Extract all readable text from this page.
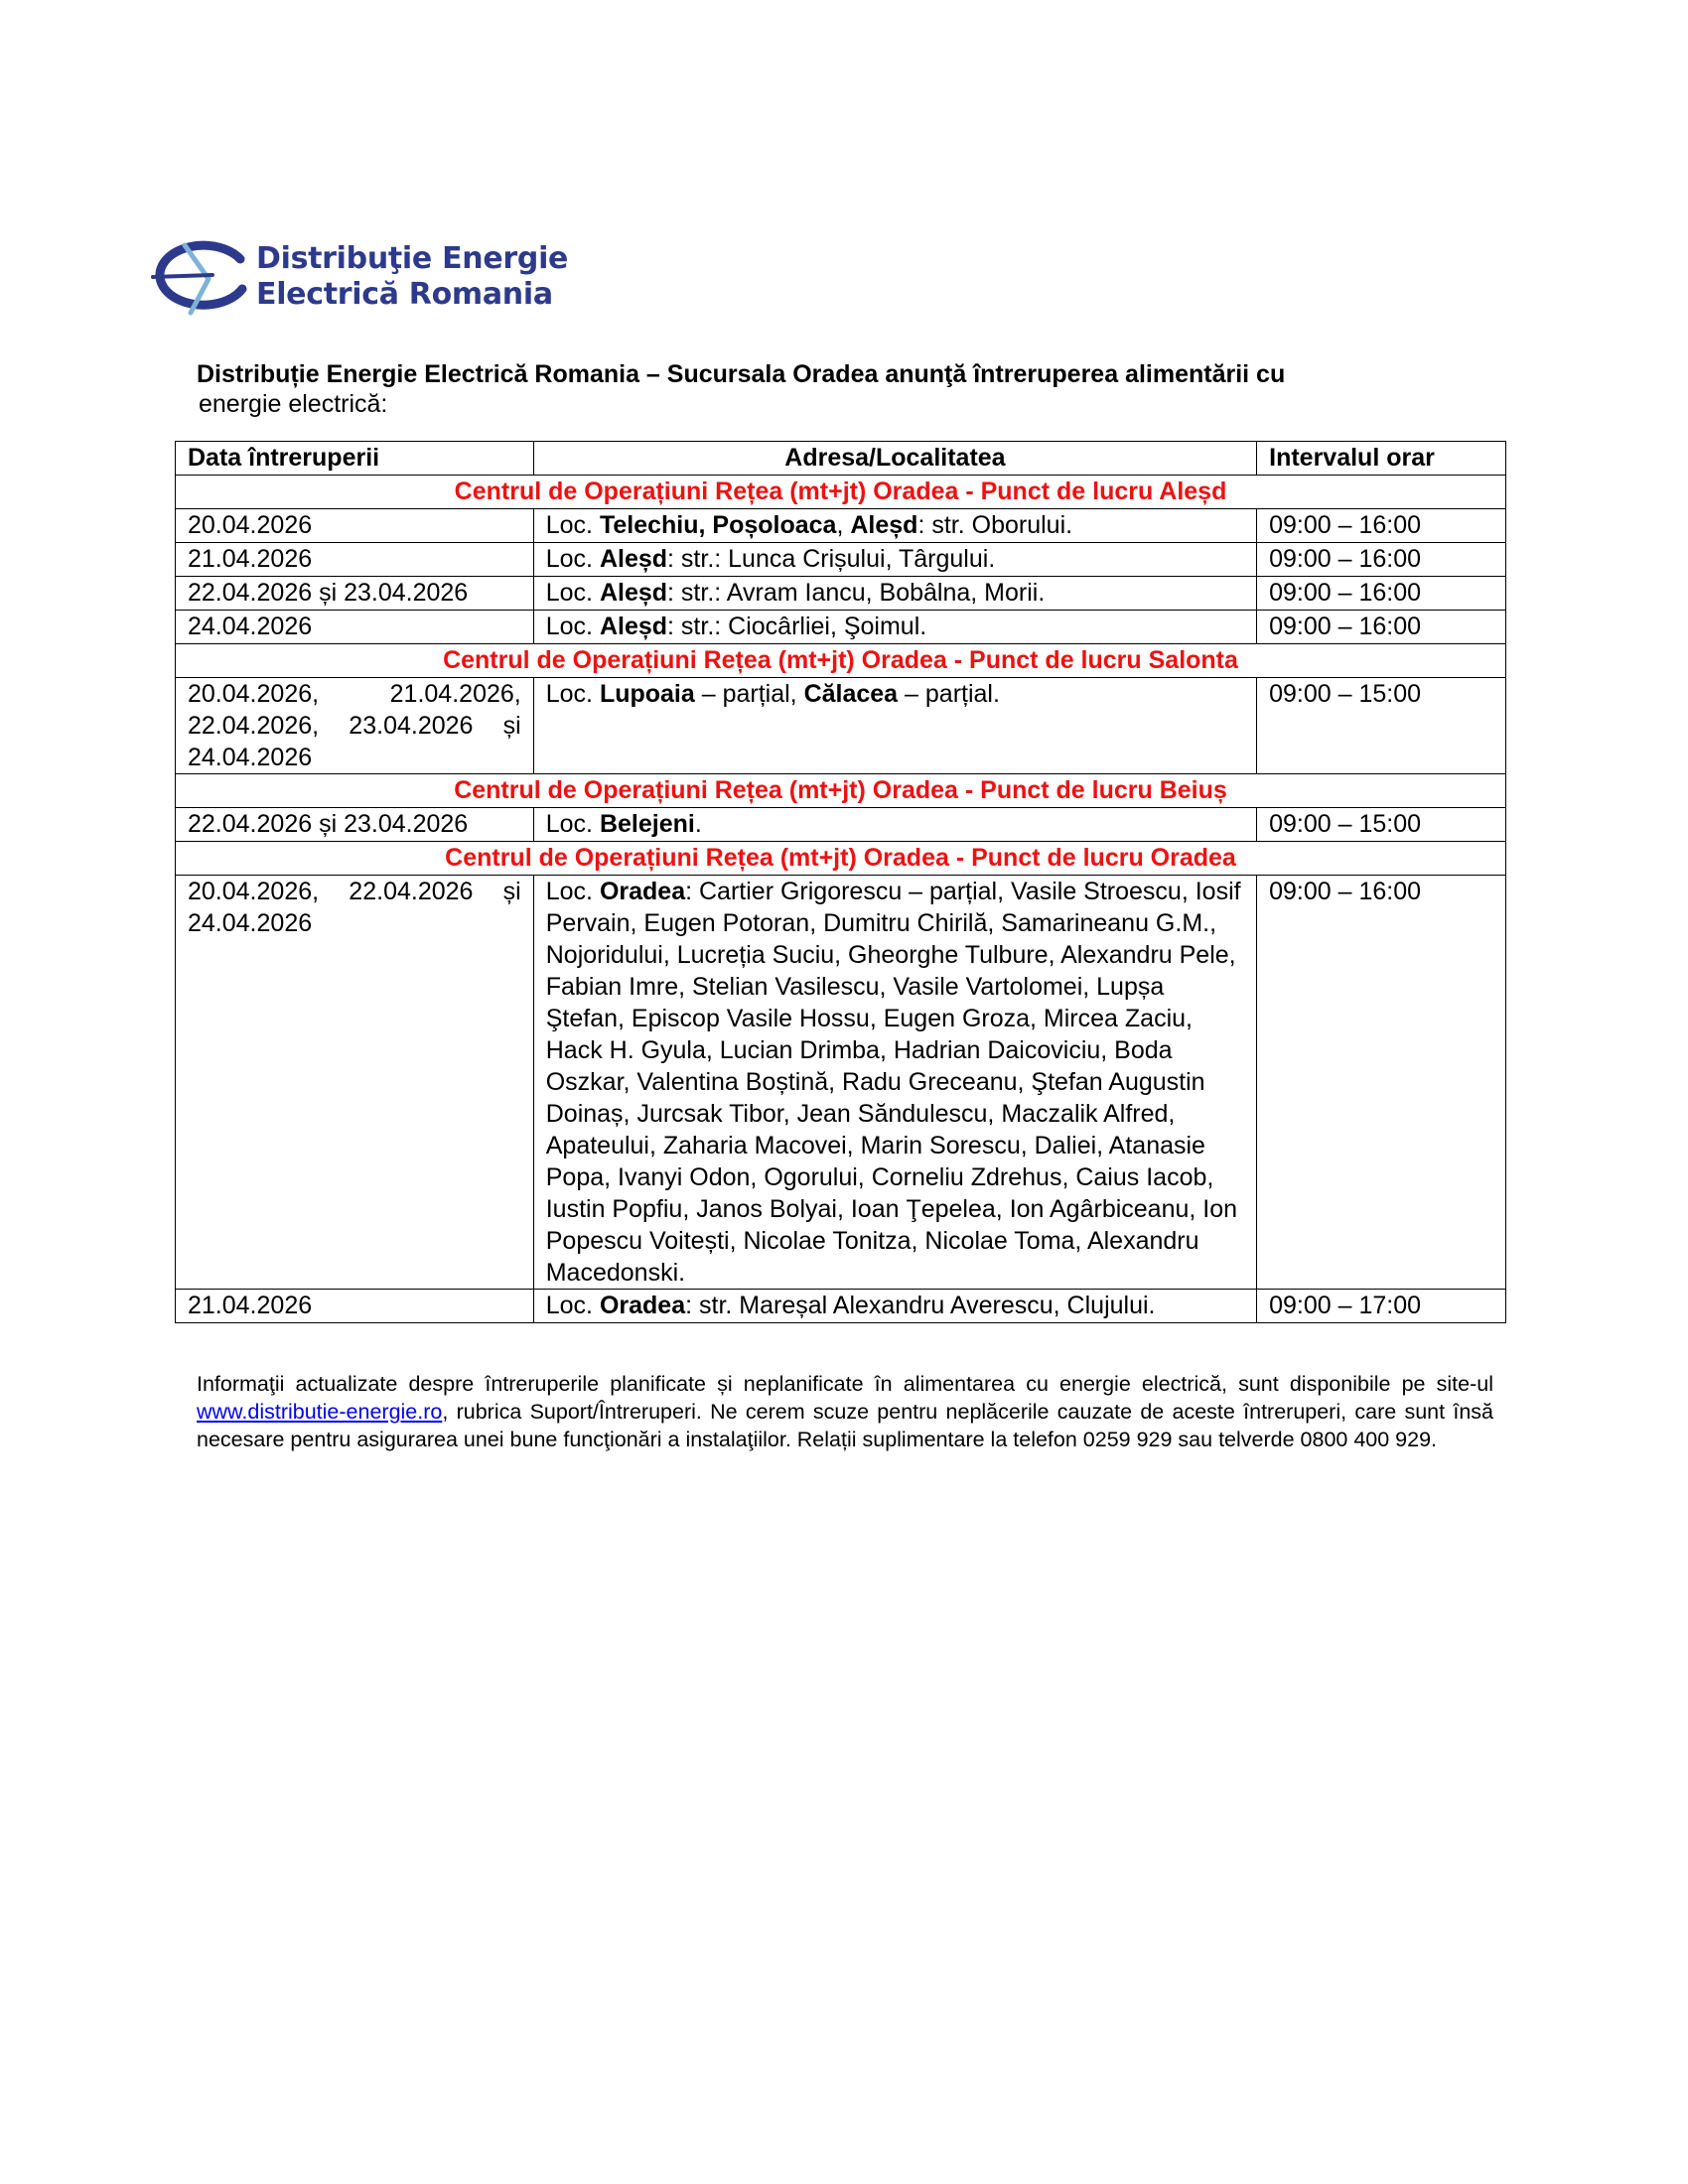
Distribuţie Energie
Electrică Romania
Distribuție Energie Electrică Romania – Sucursala Oradea anunţă întreruperea alimentării cu
energie electrică:
Data întreruperii	Adresa/Localitatea	Intervalul orar
Centrul de Operațiuni Rețea (mt+jt) Oradea - Punct de lucru Aleșd		
20.04.2026	Loc. Telechiu, Poșoloaca, Aleșd: str. Oborului.	09:00 – 16:00
21.04.2026	Loc. Aleșd: str.: Lunca Crișului, Târgului.	09:00 – 16:00
22.04.2026 și 23.04.2026	Loc. Aleșd: str.: Avram Iancu, Bobâlna, Morii.	09:00 – 16:00
24.04.2026	Loc. Aleșd: str.: Ciocârliei, Şoimul.	09:00 – 16:00
Centrul de Operațiuni Rețea (mt+jt) Oradea - Punct de lucru Salonta		
20.04.2026, 21.04.2026, 22.04.2026, 23.04.2026 și 24.04.2026	Loc. Lupoaia – parțial, Călacea – parțial.	09:00 – 15:00
Centrul de Operațiuni Rețea (mt+jt) Oradea - Punct de lucru Beiuș		
22.04.2026 și 23.04.2026	Loc. Belejeni.	09:00 – 15:00
Centrul de Operațiuni Rețea (mt+jt) Oradea - Punct de lucru Oradea		
20.04.2026, 22.04.2026 și 24.04.2026	Loc. Oradea: Cartier Grigorescu – parțial, Vasile Stroescu, Iosif Pervain, Eugen Potoran, Dumitru Chirilă, Samarineanu G.M., Nojoridului, Lucreția Suciu, Gheorghe Tulbure, Alexandru Pele, Fabian Imre, Stelian Vasilescu, Vasile Vartolomei, Lupșa Ştefan, Episcop Vasile Hossu, Eugen Groza, Mircea Zaciu, Hack H. Gyula, Lucian Drimba, Hadrian Daicoviciu, Boda Oszkar, Valentina Boștină, Radu Greceanu, Ştefan Augustin Doinaș, Jurcsak Tibor, Jean Săndulescu, Maczalik Alfred, Apateului, Zaharia Macovei, Marin Sorescu, Daliei, Atanasie Popa, Ivanyi Odon, Ogorului, Corneliu Zdrehus, Caius Iacob, Iustin Popfiu, Janos Bolyai, Ioan Ţepelea, Ion Agârbiceanu, Ion Popescu Voitești, Nicolae Tonitza, Nicolae Toma, Alexandru Macedonski.	09:00 – 16:00
21.04.2026	Loc. Oradea: str. Mareșal Alexandru Averescu, Clujului.	09:00 – 17:00
Informaţii actualizate despre întreruperile planificate și neplanificate în alimentarea cu energie electrică, sunt disponibile pe site-ul www.distributie-energie.ro, rubrica Suport/Întreruperi. Ne cerem scuze pentru neplăcerile cauzate de aceste întreruperi, care sunt însă necesare pentru asigurarea unei bune funcţionări a instalaţiilor. Relații suplimentare la telefon 0259 929 sau telverde 0800 400 929.
